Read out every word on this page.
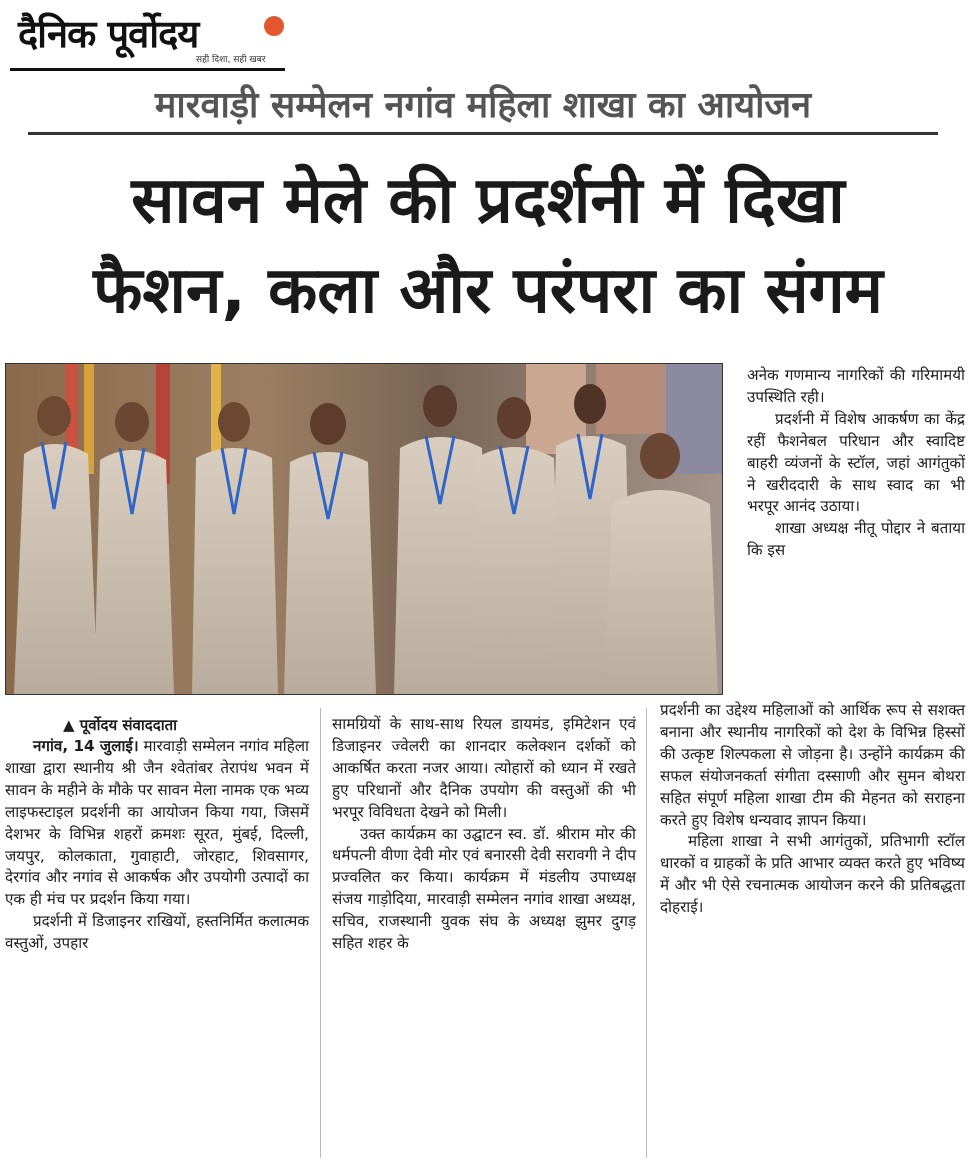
दैनिक पूर्वोदय
सही दिशा, सही खबर
मारवाड़ी सम्मेलन नगांव महिला शाखा का आयोजन
सावन मेले की प्रदर्शनी में दिखा
फैशन, कला और परंपरा का संगम

अनेक गणमान्य नागरिकों की गरिमामयी उपस्थिति रही।

प्रदर्शनी में विशेष आकर्षण का केंद्र रहीं फैशनेबल परिधान और स्वादिष्ट बाहरी व्यंजनों के स्टॉल, जहां आगंतुकों ने खरीददारी के साथ स्वाद का भी भरपूर आनंद उठाया।

शाखा अध्यक्ष नीतू पोद्दार ने बताया कि इस

▲ पूर्वोदय संवाददाता

नगांव, 14 जुलाई। मारवाड़ी सम्मेलन नगांव महिला शाखा द्वारा स्थानीय श्री जैन श्वेतांबर तेरापंथ भवन में सावन के महीने के मौके पर सावन मेला नामक एक भव्य लाइफस्टाइल प्रदर्शनी का आयोजन किया गया, जिसमें देशभर के विभिन्न शहरों क्रमशः सूरत, मुंबई, दिल्ली, जयपुर, कोलकाता, गुवाहाटी, जोरहाट, शिवसागर, देरगांव और नगांव से आकर्षक और उपयोगी उत्पादों का एक ही मंच पर प्रदर्शन किया गया।

प्रदर्शनी में डिजाइनर राखियों, हस्तनिर्मित कलात्मक वस्तुओं, उपहार

सामग्रियों के साथ-साथ रियल डायमंड, इमिटेशन एवं डिजाइनर ज्वेलरी का शानदार कलेक्शन दर्शकों को आकर्षित करता नजर आया। त्योहारों को ध्यान में रखते हुए परिधानों और दैनिक उपयोग की वस्तुओं की भी भरपूर विविधता देखने को मिली।

उक्त कार्यक्रम का उद्घाटन स्व. डॉ. श्रीराम मोर की धर्मपत्नी वीणा देवी मोर एवं बनारसी देवी सरावगी ने दीप प्रज्वलित कर किया। कार्यक्रम में मंडलीय उपाध्यक्ष संजय गाड़ोदिया, मारवाड़ी सम्मेलन नगांव शाखा अध्यक्ष, सचिव, राजस्थानी युवक संघ के अध्यक्ष झुमर दुगड़ सहित शहर के

प्रदर्शनी का उद्देश्य महिलाओं को आर्थिक रूप से सशक्त बनाना और स्थानीय नागरिकों को देश के विभिन्न हिस्सों की उत्कृष्ट शिल्पकला से जोड़ना है। उन्होंने कार्यक्रम की सफल संयोजनकर्ता संगीता दस्साणी और सुमन बोथरा सहित संपूर्ण महिला शाखा टीम की मेहनत को सराहना करते हुए विशेष धन्यवाद ज्ञापन किया।

महिला शाखा ने सभी आगंतुकों, प्रतिभागी स्टॉल धारकों व ग्राहकों के प्रति आभार व्यक्त करते हुए भविष्य में और भी ऐसे रचनात्मक आयोजन करने की प्रतिबद्धता दोहराई।
